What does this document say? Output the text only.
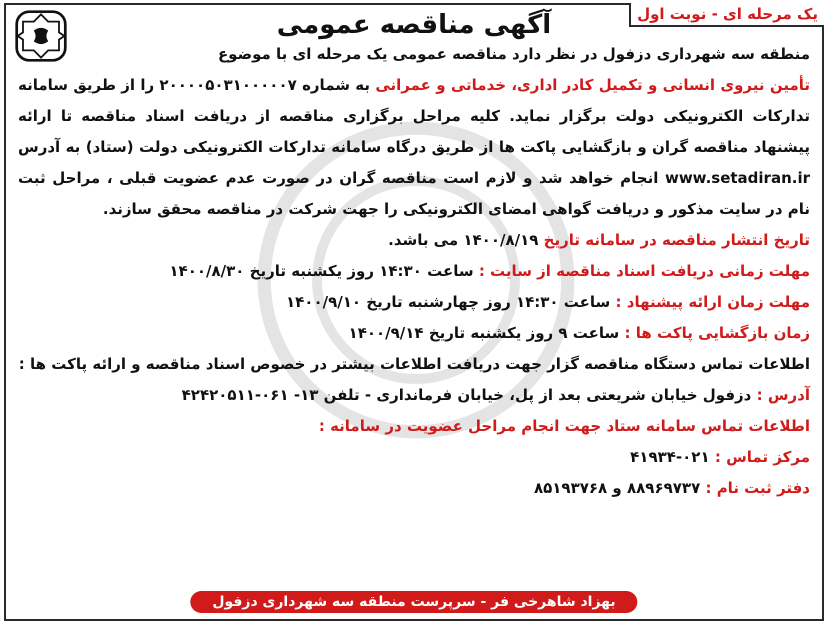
یک مرحله ای - نوبت اول
آگهی مناقصه عمومی

منطقه سه شهرداری دزفول در نظر دارد مناقصه عمومی یک مرحله ای با موضوع

تأمین نیروی انسانی و تکمیل کادر اداری، خدماتی و عمرانی به شماره ۲۰۰۰۰۵۰۳۱۰۰۰۰۰۷ را از طریق سامانه تدارکات الکترونیکی دولت برگزار نماید. کلیه مراحل برگزاری مناقصه از دریافت اسناد مناقصه تا ارائه پیشنهاد مناقصه گران و بازگشایی پاکت ها از طریق درگاه سامانه تدارکات الکترونیکی دولت (ستاد) به آدرس www.setadiran.ir انجام خواهد شد و لازم است مناقصه گران در صورت عدم عضویت قبلی ، مراحل ثبت نام در سایت مذکور و دریافت گواهی امضای الکترونیکی را جهت شرکت در مناقصه محقق سازند.

تاریخ انتشار مناقصه در سامانه تاریخ ۱۴۰۰/۸/۱۹ می باشد.

مهلت زمانی دریافت اسناد مناقصه از سایت : ساعت ۱۴:۳۰ روز یکشنبه تاریخ ۱۴۰۰/۸/۳۰

مهلت زمان ارائه پیشنهاد : ساعت ۱۴:۳۰ روز چهارشنبه تاریخ ۱۴۰۰/۹/۱۰

زمان بازگشایی پاکت ها : ساعت ۹ روز یکشنبه تاریخ ۱۴۰۰/۹/۱۴

اطلاعات تماس دستگاه مناقصه گزار جهت دریافت اطلاعات بیشتر در خصوص اسناد مناقصه و ارائه پاکت ها :

آدرس : دزفول خیابان شریعتی بعد از پل، خیابان فرمانداری - تلفن ۱۳- ۰۶۱-۴۲۴۲۰۵۱۱

اطلاعات تماس سامانه ستاد جهت انجام مراحل عضویت در سامانه :

مرکز تماس : ۰۲۱-۴۱۹۳۴

دفتر ثبت نام : ۸۸۹۶۹۷۳۷ و ۸۵۱۹۳۷۶۸

بهزاد شاهرخی فر - سرپرست منطقه سه شهرداری دزفول
